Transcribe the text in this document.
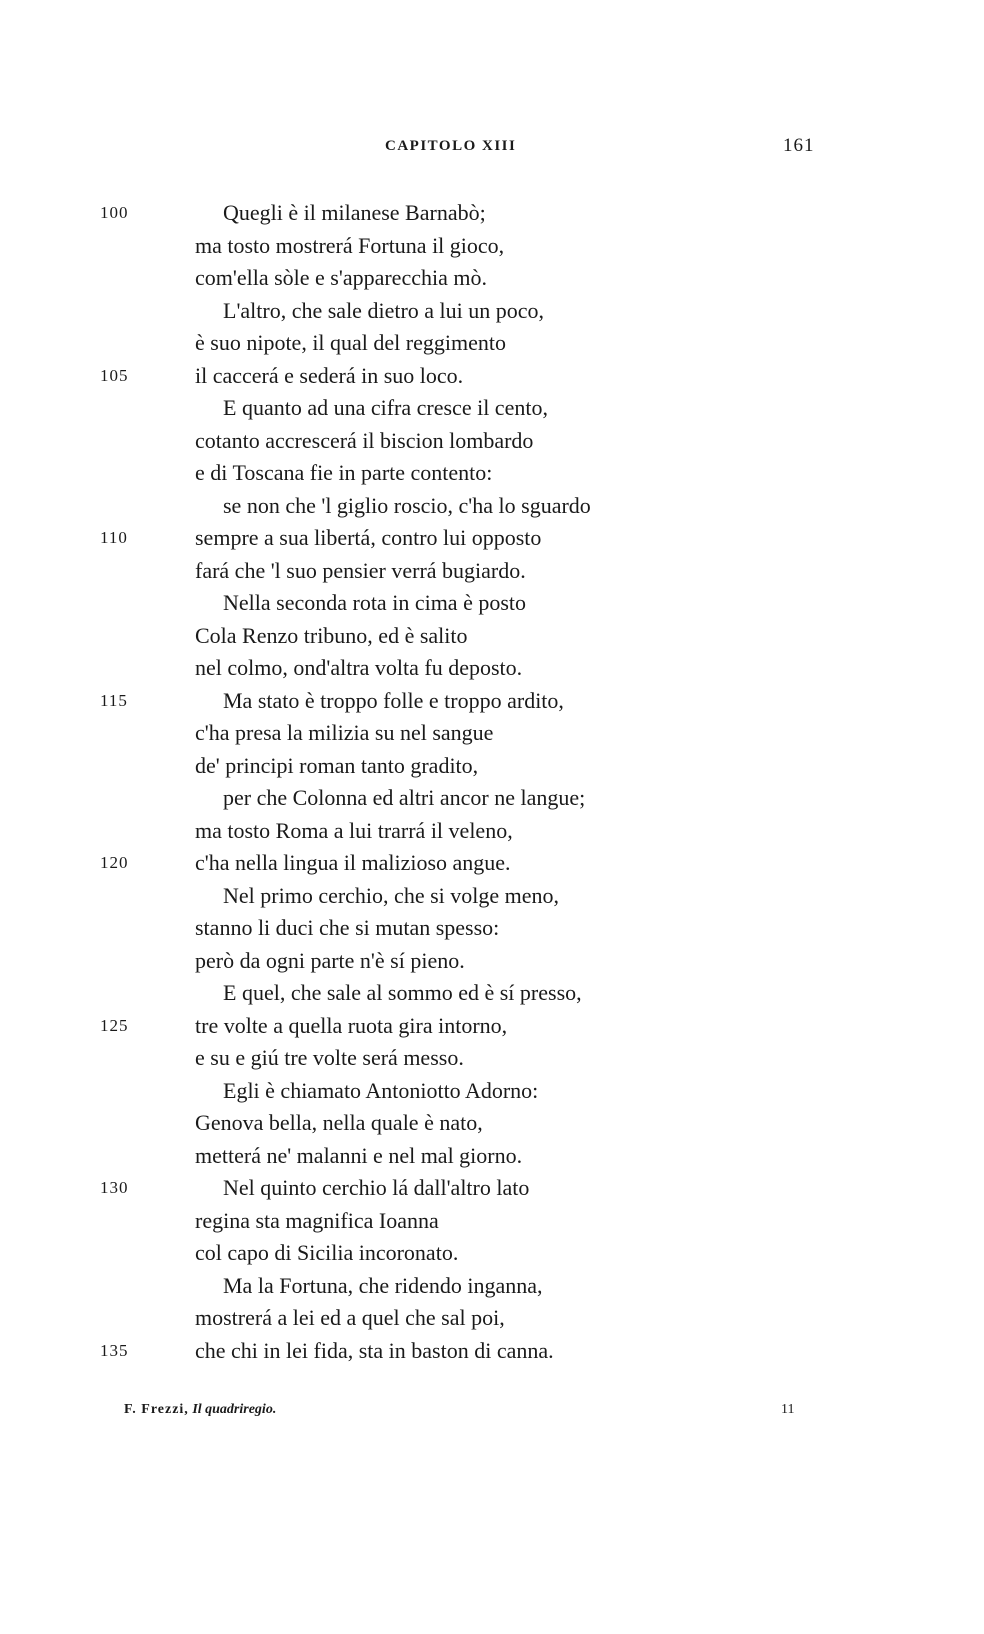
CAPITOLO XIII	161
100	Quegli è il milanese Barnabò;
ma tosto mostrerá Fortuna il gioco,
com'ella sòle e s'apparecchia mò.
L'altro, che sale dietro a lui un poco,
è suo nipote, il qual del reggimento
105	il caccerá e sederá in suo loco.
E quanto ad una cifra cresce il cento,
cotanto accrescerá il biscion lombardo
e di Toscana fie in parte contento:
se non che 'l giglio roscio, c'ha lo sguardo
110	sempre a sua libertá, contro lui opposto
fará che 'l suo pensier verrá bugiardo.
Nella seconda rota in cima è posto
Cola Renzo tribuno, ed è salito
nel colmo, ond'altra volta fu deposto.
115	Ma stato è troppo folle e troppo ardito,
c'ha presa la milizia su nel sangue
de' principi roman tanto gradito,
per che Colonna ed altri ancor ne langue;
ma tosto Roma a lui trarrá il veleno,
120	c'ha nella lingua il malizioso angue.
Nel primo cerchio, che si volge meno,
stanno li duci che si mutan spesso:
però da ogni parte n'è sí pieno.
E quel, che sale al sommo ed è sí presso,
125	tre volte a quella ruota gira intorno,
e su e giú tre volte será messo.
Egli è chiamato Antoniotto Adorno:
Genova bella, nella quale è nato,
metterá ne' malanni e nel mal giorno.
130	Nel quinto cerchio lá dall'altro lato
regina sta magnifica Ioanna
col capo di Sicilia incoronato.
Ma la Fortuna, che ridendo inganna,
mostrerá a lei ed a quel che sal poi,
135	che chi in lei fida, sta in baston di canna.
F. Frezzi, Il quadriregio.	11
